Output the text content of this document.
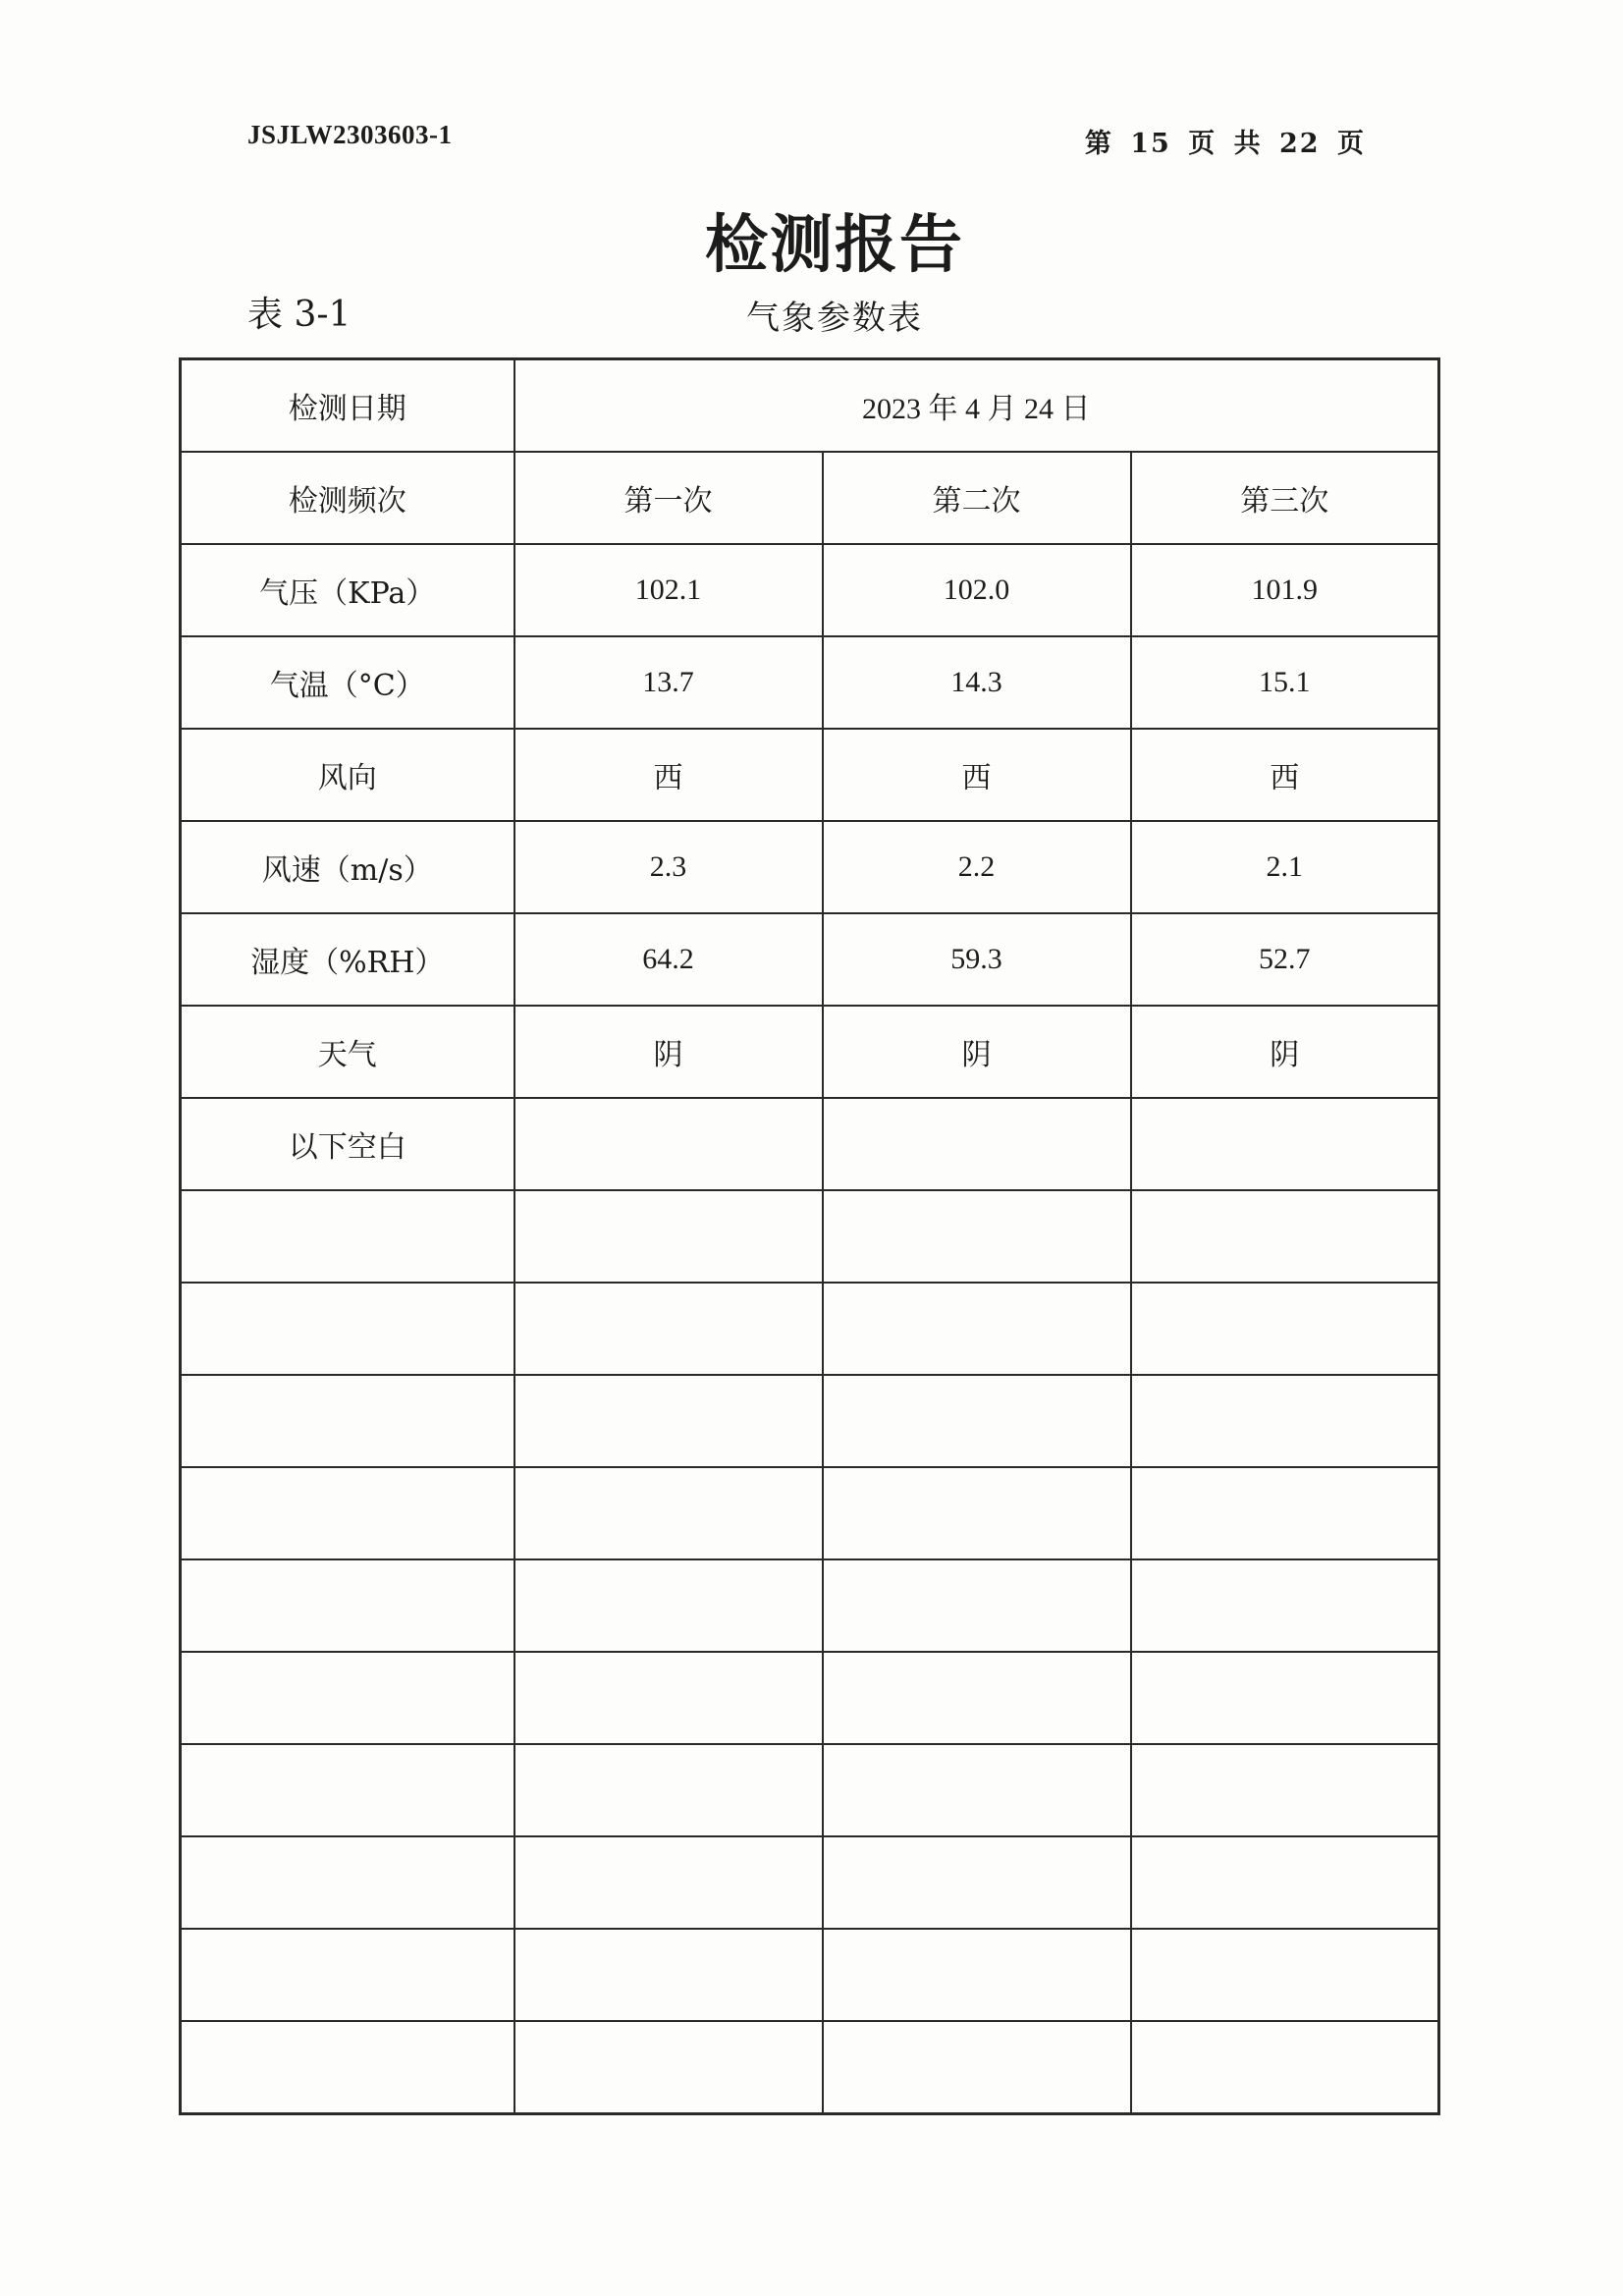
JSJLW2303603-1	第 15 页 共 22 页
检测报告
表 3-1	气象参数表
检测日期	2023 年 4 月 24 日		
检测频次	第一次	第二次	第三次
气压（KPa）	102.1	102.0	101.9
气温（°C）	13.7	14.3	15.1
风向	西	西	西
风速（m/s）	2.3	2.2	2.1
湿度（%RH）	64.2	59.3	52.7
天气	阴	阴	阴
以下空白			
